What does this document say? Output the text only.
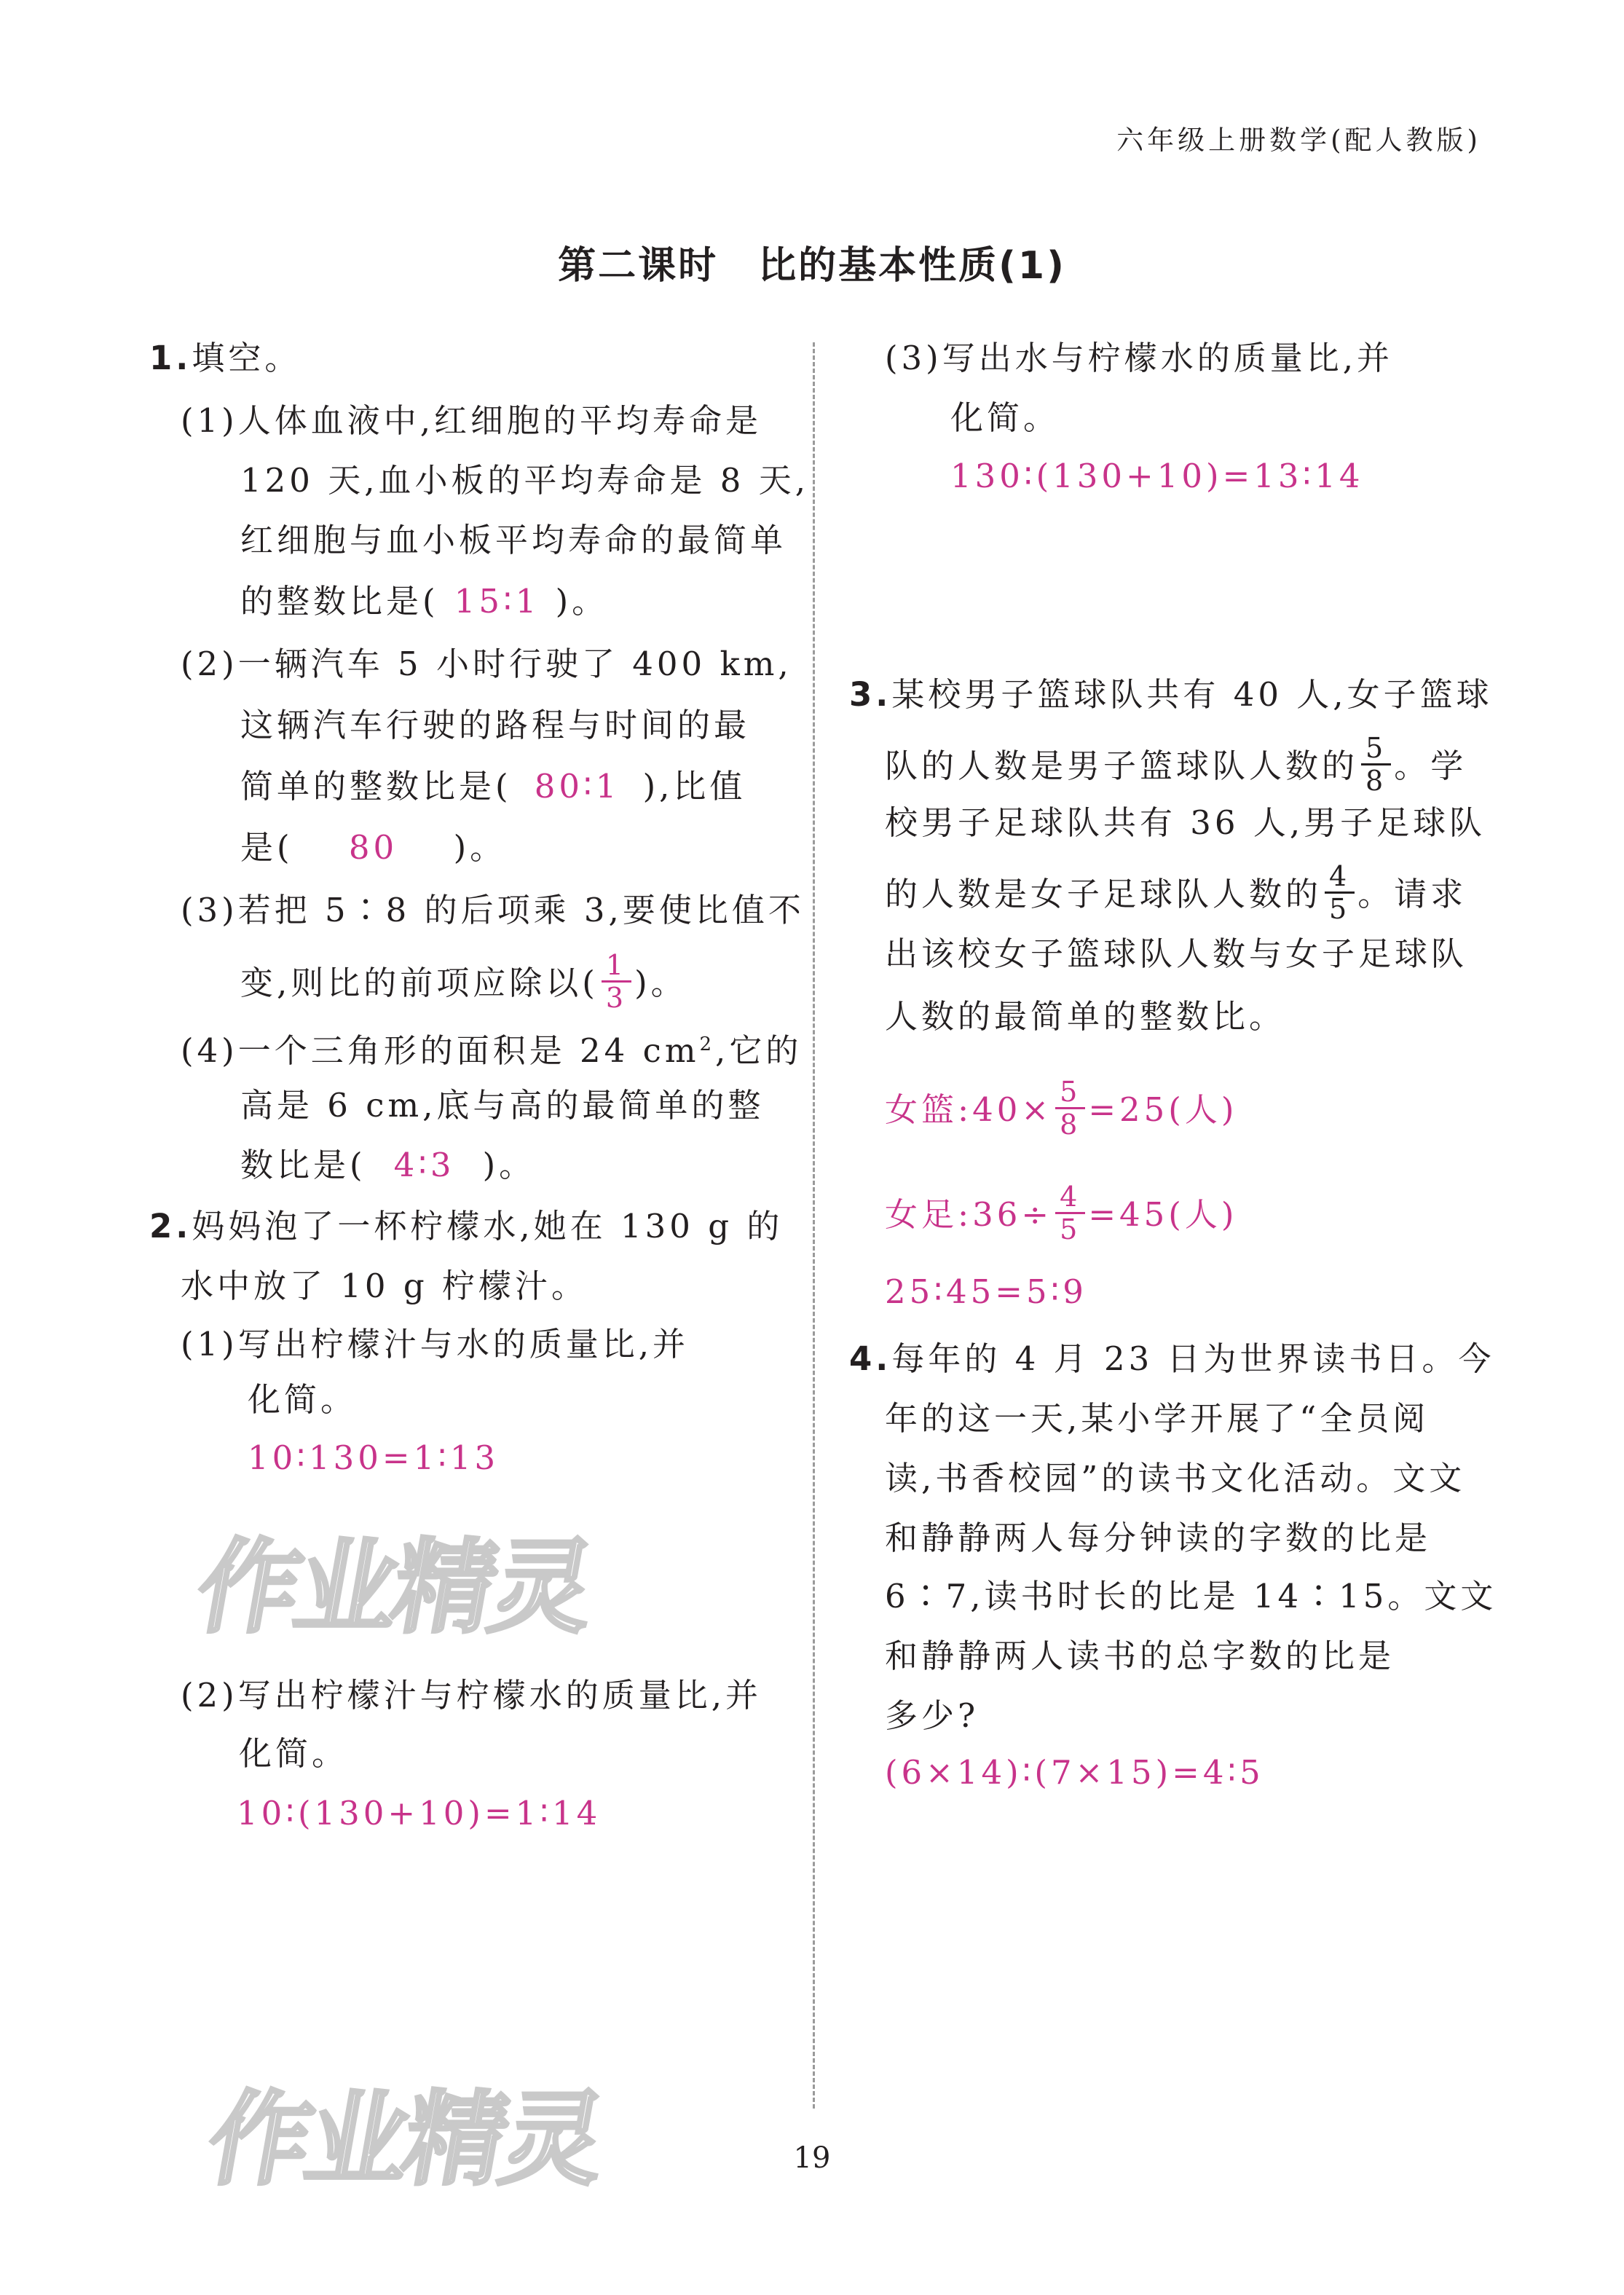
六年级上册数学(配人教版)
第二课时　比的基本性质(1)
1.填空。
(1)人体血液中,红细胞的平均寿命是
120 天,血小板的平均寿命是 8 天,
红细胞与血小板平均寿命的最简单
的整数比是( 15∶1 )。
(2)一辆汽车 5 小时行驶了 400 km,
这辆汽车行驶的路程与时间的最
简单的整数比是( 80∶1 ),比值
是( 80 )。
(3)若把 5∶8 的后项乘 3,要使比值不
变,则比的前项应除以( $\frac{1}{3}$ )。
(4)一个三角形的面积是 24 $cm^2$,它的
高是 6 cm,底与高的最简单的整
数比是( 4∶3 )。
2.妈妈泡了一杯柠檬水,她在 130 g 的
水中放了 10 g 柠檬汁。
(1)写出柠檬汁与水的质量比,并
化简。
10∶130=1∶13
作业精灵
(2)写出柠檬汁与柠檬水的质量比,并
化简。
10∶(130+10)=1∶14
作业精灵
(3)写出水与柠檬水的质量比,并
化简。
130∶(130+10)=13∶14
3.某校男子篮球队共有 40 人,女子篮球
队的人数是男子篮球队人数的 $\frac{5}{8}$ 。学
校男子足球队共有 36 人,男子足球队
的人数是女子足球队人数的 $\frac{4}{5}$ 。请求
出该校女子篮球队人数与女子足球队
人数的最简单的整数比。
女篮:40× $\frac{5}{8} =25$(人)
女足:36÷ $\frac{4}{5} =45$(人)
25∶45=5∶9
4.每年的 4 月 23 日为世界读书日。今
年的这一天,某小学开展了“全员阅
读,书香校园”的读书文化活动。文文
和静静两人每分钟读的字数的比是
6∶7,读书时长的比是 14∶15。文文
和静静两人读书的总字数的比是
多少?
(6×14)∶(7×15)=4∶5
19
